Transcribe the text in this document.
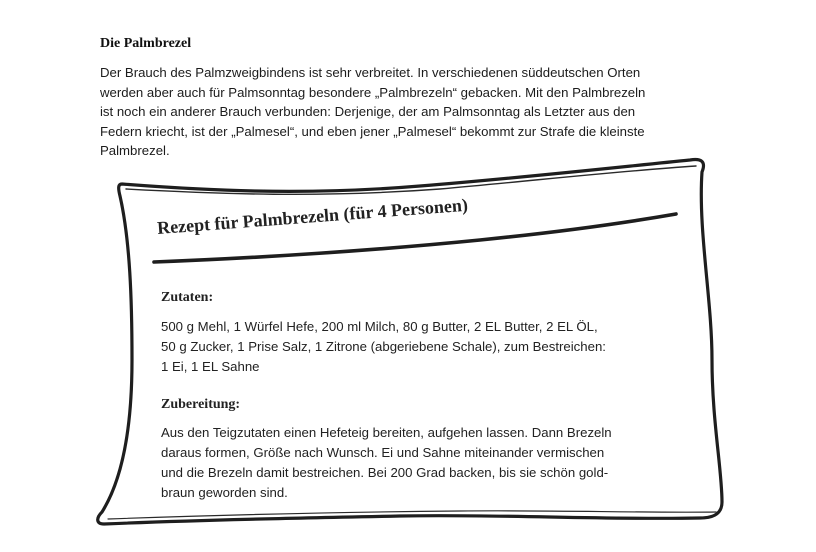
Die Palmbrezel

Der Brauch des Palmzweigbindens ist sehr verbreitet. In verschiedenen süddeutschen Orten
werden aber auch für Palmsonntag besondere „Palmbrezeln“ gebacken. Mit den Palmbrezeln
ist noch ein anderer Brauch verbunden: Derjenige, der am Palmsonntag als Letzter aus den
Federn kriecht, ist der „Palmesel“, und eben jener „Palmesel“ bekommt zur Strafe die kleinste
Palmbrezel.

Rezept für Palmbrezeln (für 4 Personen)
Zutaten:

500 g Mehl, 1 Würfel Hefe, 200 ml Milch, 80 g Butter, 2 EL Butter, 2 EL ÖL,
50 g Zucker, 1 Prise Salz, 1 Zitrone (abgeriebene Schale), zum Bestreichen:
1 Ei, 1 EL Sahne

Zubereitung:

Aus den Teigzutaten einen Hefeteig bereiten, aufgehen lassen. Dann Brezeln
daraus formen, Größe nach Wunsch. Ei und Sahne miteinander vermischen
und die Brezeln damit bestreichen. Bei 200 Grad backen, bis sie schön gold-
braun geworden sind.
